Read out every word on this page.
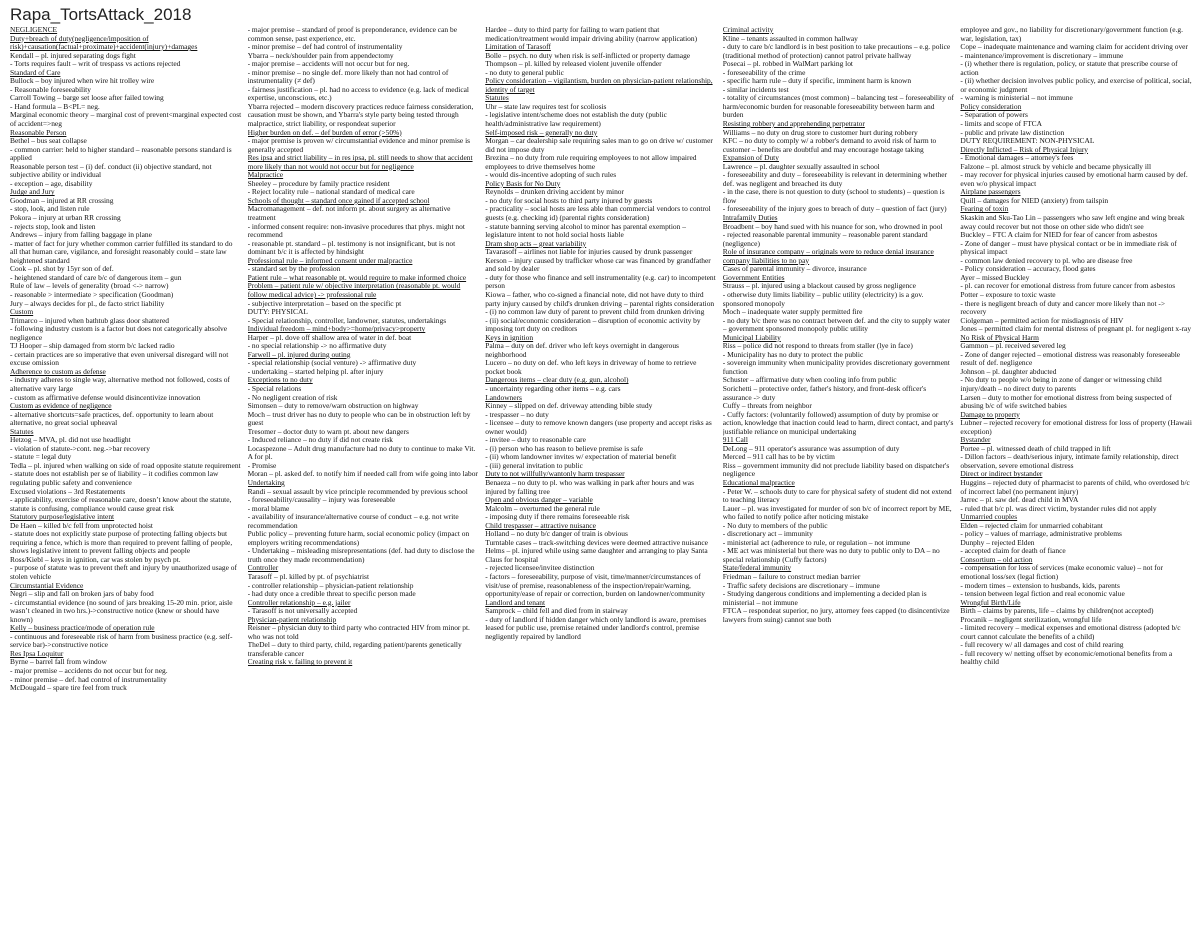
Rapa_TortsAttack_2018

NEGLIGENCE

Duty+breach of duty(negligence/imposition of risk)+causation(factual+proximate)+accident(injury)+damages

Kendall – pl. injured separating dogs fight

- Torts requires fault – writ of trespass vs actions rejected

Standard of Care

Bullock – boy injured when wire hit trolley wire

- Reasonable foreseeability

Carroll Towing – barge set loose after failed towing

- Hand formula – B<PL= neg.

Marginal economic theory – marginal cost of prevent<marginal expected cost of accident=>neg

Reasonable Person

Bethel – bus seat collapse

- common carrier: held to higher standard – reasonable persons standard is applied

Reasonable person test – (i) def. conduct (ii) objective standard, not subjective ability or individual

- exception – age, disability

Judge and Jury

Goodman – injured at RR crossing

- stop, look, and listen rule

Pokora – injury at urban RR crossing

- rejects stop, look and listen

Andrews – injury from falling baggage in plane

- matter of fact for jury whether common carrier fulfilled its standard to do all that human care, vigilance, and foresight reasonably could – state law heightened standard

Cook – pl. shot by 15yr son of def.

- heightened standard of care b/c of dangerous item – gun

Rule of law – levels of generality (broad <-> narrow)

- reasonable > intermediate > specification (Goodman)

Jury – always decides for pl., de facto strict liability

Custom

Trimarco – injured when bathtub glass door shattered

- following industry custom is a factor but does not categorically absolve negligence

TJ Hooper – ship damaged from storm b/c lacked radio

- certain practices are so imperative that even universal disregard will not excuse omission

Adherence to custom as defense

- industry adheres to single way, alternative method not followed, costs of alternative vary large

- custom as affirmative defense would disincentivize innovation

Custom as evidence of negligence

- alternative shortcuts=safe practices, def. opportunity to learn about alternative, no great social upheaval

Statutes

Hetzog – MVA, pl. did not use headlight

- violation of statute->cont. neg.->bar recovery

- statute = legal duty

Tedla – pl. injured when walking on side of road opposite statute requirement

- statute does not establish per se of liability – it codifies common law regulating public safety and convenience

Excused violations – 3rd Restatements

- applicability, exercise of reasonable care, doesn’t know about the statute, statute is confusing, compliance would cause great risk

Statutory purpose/legislative intent

De Haen – killed b/c fell from unprotected hoist

- statute does not explicitly state purpose of protecting falling objects but requiring a fence, which is more than required to prevent falling of people, shows legislative intent to prevent falling objects and people

Ross/Kiebl – keys in ignition, car was stolen by psych pt.

- purpose of statute was to prevent theft and injury by unauthorized usage of stolen vehicle

Circumstantial Evidence

Negri – slip and fall on broken jars of baby food

- circumstantial evidence (no sound of jars breaking 15-20 min. prior, aisle wasn’t cleaned in two hrs.)->constructive notice (knew or should have known)

Kelly – business practice/mode of operation rule

- continuous and foreseeable risk of harm from business practice (e.g. self-service bar)->constructive notice

Res Ipsa Loquitur

Byrne – barrel fall from window

- major premise – accidents do not occur but for neg.

- minor premise – def. had control of instrumentality

McDougald – spare tire feel from truck

- major premise – standard of proof is preponderance, evidence can be common sense, past experience, etc.

- minor premise – def had control of instrumentality

Ybarra – neck/shoulder pain from appendectomy

- major premise – accidents will not occur but for neg.

- minor premise – no single def. more likely than not had control of instrumentality (≠ def)

- fairness justification – pl. had no access to evidence (e.g. lack of medical expertise, unconscious, etc.)

Ybarra rejected – modern discovery practices reduce fairness consideration, causation must be shown, and Ybarra's style party being tested through malpractice, strict liability, or respondeat superior

Higher burden on def. – def burden of error (>50%)

- major premise is proven w/ circumstantial evidence and minor premise is generally accepted

Res ipsa and strict liability – in res ipsa, pl. still needs to show that accident more likely than not would not occur but for negligence

Malpractice

Sheeley – procedure by family practice resident

- Reject locality rule – national standard of medical care

Schools of thought – standard once gained if accepted school

Macromanagement – def. not inform pt. about surgery as alternative treatment

- informed consent require: non-invasive procedures that phys. might not recommend

- reasonable pt. standard – pl. testimony is not insignificant, but is not dominant b/c it is affected by hindsight

Professional rule – informed consent under malpractice

- standard set by the profession

Patient rule – what reasonable pt. would require to make informed choice

Problem – patient rule w/ objective interpretation (reasonable pt. would follow medical advice) -> professional rule

- subjective interpretation – based on the specific pt

DUTY: PHYSICAL

- Special relationship, controller, landowner, statutes, undertakings

Individual freedom – mind+body>=home/privacy>property

Harper – pl. dove off shallow area of water in def. boat

- no special relationship -> no affirmative duty

Farwell – pl. injured during outing

- special relationship (social venture) -> affirmative duty

- undertaking – started helping pl. after injury

Exceptions to no duty

- Special relations

- No negligent creation of risk

Simonsen – duty to remove/warn obstruction on highway

Moch – trust driver has no duty to people who can be in obstruction left by guest

Tresomer – doctor duty to warn pt. about new dangers

- Induced reliance – no duty if did not create risk

Locaspezone – Adult drug manufacture had no duty to continue to make Vit. A for pl.

- Promise

Moran – pl. asked def. to notify him if needed call from wife going into labor

Undertaking

Randi – sexual assault by vice principle recommended by previous school

- foreseeability/causality – injury was foreseeable

- moral blame

- availability of insurance/alternative course of conduct – e.g. not write recommendation

Public policy – preventing future harm, social economic policy (impact on employers writing recommendations)

- Undertaking – misleading misrepresentations (def. had duty to disclose the truth once they made recommendation)

Controller

Tarasoff – pl. killed by pt. of psychiatrist

- controller relationship – physician-patient relationship

- had duty once a credible threat to specific person made

Controller relationship – e.g. jailer

- Tarasoff is not universally accepted

Physician-patient relationship

Reisner – physician duty to third party who contracted HIV from minor pt. who was not told

TheDel – duty to third party, child, regarding patient/parents genetically transferable cancer

Creating risk v. failing to prevent it

Hardee – duty to third party for failing to warn patient that medication/treatment would impair driving ability (narrow application)

Limitation of Tarasoff

Bolle – psych. no duty when risk is self-inflicted or property damage

Thompson – pl. killed by released violent juvenile offender

- no duty to general public

Policy consideration – vigilantism, burden on physician-patient relationship, identity of target

Statutes

Uhr – state law requires test for scoliosis

- legislative intent/scheme does not establish the duty (public health/administrative law requirement)

Self-imposed risk – generally no duty

Morgan – car dealership sale requiring sales man to go on drive w/ customer did not impose duty

Brezina – no duty from rule requiring employees to not allow impaired employees to drive themselves home

- would dis-incentive adopting of such rules

Policy Basis for No Duty

Reynolds – drunken driving accident by minor

- no duty for social hosts to third party injured by guests

- practicality – social hosts are less able than commercial vendors to control guests (e.g. checking id) (parental rights consideration)

- statute banning serving alcohol to minor has parental exemption – legislature intent to not hold social hosts liable

Dram shop acts – great variability

Tavarasoff – airlines not liable for injuries caused by drunk passenger

Kerson – injury caused by trafficker whose car was financed by grandfather and sold by dealer

- duty for those who finance and sell instrumentality (e.g. car) to incompetent person

Kiowa – father, who co-signed a financial note, did not have duty to third party injury caused by child's drunken driving – parental rights consideration

- (i) no common law duty of parent to prevent child from drunken driving

- (ii) social/economic consideration – disruption of economic activity by imposing tort duty on creditors

Keys in ignition

Palma – duty on def. driver who left keys overnight in dangerous neighborhood

Lucero – no duty on def. who left keys in driveway of home to retrieve pocket book

Dangerous items – clear duty (e.g. gun, alcohol)

- uncertainty regarding other items – e.g. cars

Landowners

Kinney – slipped on def. driveway attending bible study

- trespasser – no duty

- licensee – duty to remove known dangers (use property and accept risks as owner would)

- invitee – duty to reasonable care

- (i) person who has reason to believe premise is safe

- (ii) whom landowner invites w/ expectation of material benefit

- (iii) general invitation to public

Duty to not willfully/wantonly harm trespasser

Benaeza – no duty to pl. who was walking in park after hours and was injured by falling tree

Open and obvious danger – variable

Malcolm – overturned the general rule

- imposing duty if there remains foreseeable risk

Child trespasser – attractive nuisance

Holland – no duty b/c danger of train is obvious

Turntable cases – track-switching devices were deemed attractive nuisance

Helms – pl. injured while using same daughter and arranging to play Santa Claus for hospital

- rejected licensee/invitee distinction

- factors – foreseeability, purpose of visit, time/manner/circumstances of visit/use of premise, reasonableness of the inspection/repair/warning, opportunity/ease of repair or correction, burden on landowner/community

Landlord and tenant

Samprock – child fell and died from in stairway

- duty of landlord if hidden danger which only landlord is aware, premises leased for public use, premise retained under landlord's control, premise negligently repaired by landlord

Criminal activity

Kline – tenants assaulted in common hallway

- duty to care b/c landlord is in best position to take precautions – e.g. police (traditional method of protection) cannot patrol private hallway

Posecai – pl. robbed in WalMart parking lot

- foreseeability of the crime

- specific harm rule – duty if specific, imminent harm is known

- similar incidents test

- totality of circumstances (most common) – balancing test – foreseeability of harm/economic burden for reasonable foreseeability between harm and burden

Resisting robbery and apprehending perpetrator

Williams – no duty on drug store to customer hurt during robbery

KFC – no duty to comply w/ a robber's demand to avoid risk of harm to customer – benefits are doubtful and may encourage hostage taking

Expansion of Duty

Lawrence – pl. daughter sexually assaulted in school

- foreseeability and duty – foreseeability is relevant in determining whether def. was negligent and breached its duty

- in the case, there is not question to duty (school to students) – question is flow

- foreseeability of the injury goes to breach of duty – question of fact (jury)

Intrafamily Duties

Broadbent – boy hand sued with his nuance for son, who drowned in pool

- rejected reasonable parental immunity – reasonable parent standard (negligence)

Role of insurance company – originals were to reduce denial insurance company liabilities to no pay

Cases of parental immunity – divorce, insurance

Government Entities

Strauss – pl. injured using a blackout caused by gross negligence

- otherwise duty limits liability – public utility (electricity) is a gov. sponsored monopoly

Moch – inadequate water supply permitted fire

- no duty b/c there was no contract between def. and the city to supply water – government sponsored monopoly public utility

Municipal Liability

Riss – police did not respond to threats from staller (lye in face)

- Municipality has no duty to protect the public

- sovereign immunity when municipality provides discretionary government function

Schuster – affirmative duty when cooling info from public

Sorichetti – protective order, father's history, and front-desk officer's assurance -> duty

Cuffy – threats from neighbor

- Cuffy factors: (voluntarily followed) assumption of duty by promise or action, knowledge that inaction could lead to harm, direct contact, and party's justifiable reliance on municipal undertaking

911 Call

DeLong – 911 operator's assurance was assumption of duty

Merced – 911 call has to be by victim

Riss – government immunity did not preclude liability based on dispatcher's negligence

Educational malpractice

- Peter W. – schools duty to care for physical safety of student did not extend to teaching literacy

Lauer – pl. was investigated for murder of son b/c of incorrect report by ME, who failed to notify police after noticing mistake

- No duty to members of the public

- discretionary act – immunity

- ministerial act (adherence to rule, or regulation – not immune

- ME act was ministerial but there was no duty to public only to DA – no special relationship (Cuffy factors)

State/federal immunity

Friedman – failure to construct median barrier

- Traffic safety decisions are discretionary – immune

- Studying dangerous conditions and implementing a decided plan is ministerial – not immune

FTCA – respondeat superior, no jury, attorney fees capped (to disincentivize lawyers from suing) cannot sue both

employee and gov., no liability for discretionary/government function (e.g. war, legislation, tax)

Cope – inadequate maintenance and warning claim for accident driving over

- maintenance/improvement is discretionary – immune

- (i) whether there is regulation, policy, or statute that prescribe course of action

- (ii) whether decision involves public policy, and exercise of political, social, or economic judgment

- warning is ministerial – not immune

Policy consideration

- Separation of powers

- limits and scope of FTCA

- public and private law distinction

DUTY REQUIREMENT: NON-PHYSICAL

Directly Inflicted – Risk of Physical Injury

- Emotional damages – attorney's fees

Falzone – pl. almost struck by vehicle and became physically ill

- may recover for physical injuries caused by emotional harm caused by def. even w/o physical impact

Airplane passengers

Quill – damages for NIED (anxiety) from tailspin

Fearing of toxin

Skaskin and Sku-Tao Lin – passengers who saw left engine and wing break away could recover but not those on other side who didn't see

Buckley – FTC A claim for NIED for fear of cancer from asbestos

- Zone of danger – must have physical contact or be in immediate risk of physical impact

- common law denied recovery to pl. who are disease free

- Policy consideration – accuracy, flood gates

Ayer – missed Buckley

- pl. can recover for emotional distress from future cancer from asbestos

Potter – exposure to toxic waste

- there is negligent breach of duty and cancer more likely than not -> recovery

Ciolgeman – permitted action for misdiagnosis of HIV

Jones – permitted claim for mental distress of pregnant pl. for negligent x-ray

No Risk of Physical Harm

Gammon – pl. received severed leg

- Zone of danger rejected – emotional distress was reasonably foreseeable result of def. negligence

Johnson – pl. daughter abducted

- No duty to people w/o being in zone of danger or witnessing child injury/death – no direct duty to parents

Larsen – duty to mother for emotional distress from being suspected of abusing b/c of wife switched babies

Damage to property

Lubner – rejected recovery for emotional distress for loss of property (Hawaii exception)

Bystander

Portee – pl. witnessed death of child trapped in lift

- Dillon factors – death/serious injury, intimate family relationship, direct observation, severe emotional distress

Direct or indirect bystander

Huggins – rejected duty of pharmacist to parents of child, who overdosed b/c of incorrect label (no permanent injury)

Jarrec – pl. saw def. dead child in MVA

- ruled that b/c pl. was direct victim, bystander rules did not apply

Unmarried couples

Elden – rejected claim for unmarried cohabitant

- policy – values of marriage, administrative problems

Dunphy – rejected Elden

- accepted claim for death of fiance

Consortium – old action

- compensation for loss of services (make economic value) – not for emotional loss/sex (legal fiction)

- modern times – extension to husbands, kids, parents

- tension between legal fiction and real economic value

Wrongful Birth/Life

Birth – claims by parents, life – claims by children(not accepted)

Procanik – negligent sterilization, wrongful life

- limited recovery – medical expenses and emotional distress (adopted b/c court cannot calculate the benefits of a child)

- full recovery w/ all damages and cost of child rearing

- full recovery w/ netting offset by economic/emotional benefits from a healthy child
